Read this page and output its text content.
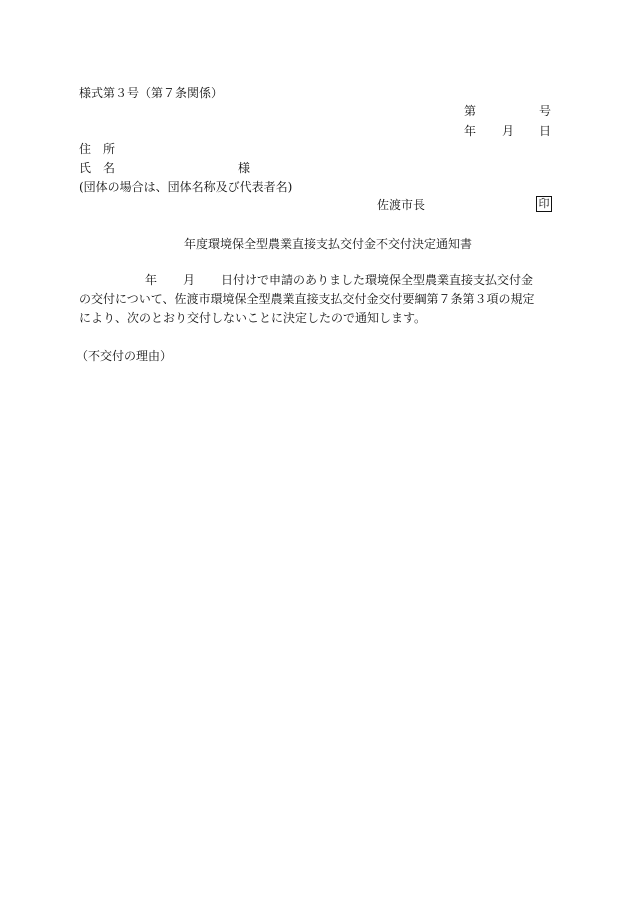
様式第３号（第７条関係）
第	号
年 月 日
住　所
氏　名	様
(団体の場合は、団体名称及び代表者名)
佐渡市長	印
年度環境保全型農業直接支払交付金不交付決定通知書
年 月 日付けで申請のありました環境保全型農業直接支払交付金
の交付について、佐渡市環境保全型農業直接支払交付金交付要綱第７条第３項の規定
により、次のとおり交付しないことに決定したので通知します。
（不交付の理由）
